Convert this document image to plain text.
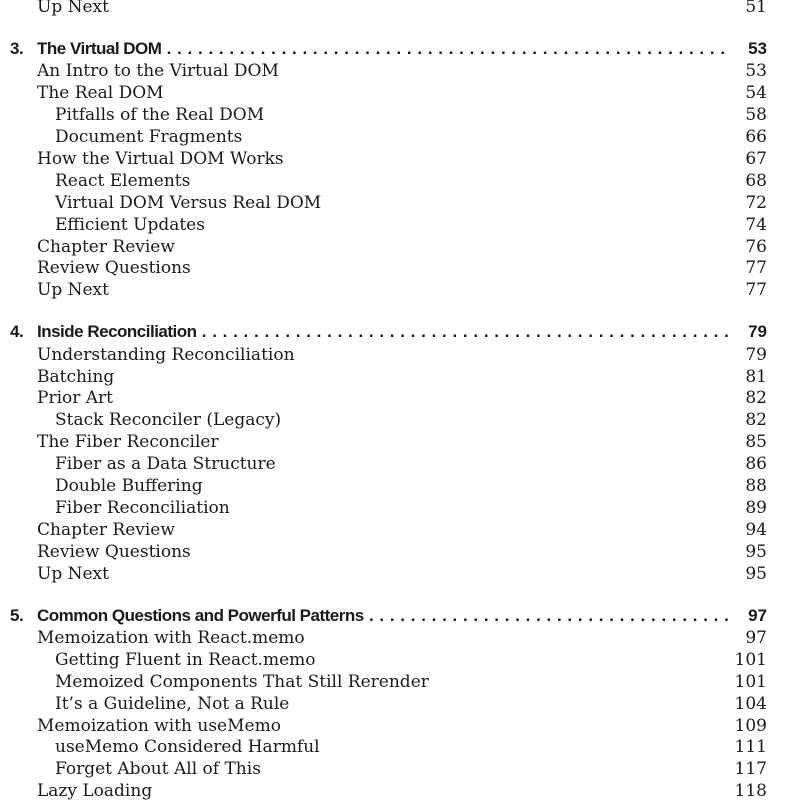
Up Next	51
3. The Virtual DOM . . .	53
An Intro to the Virtual DOM	53
The Real DOM	54
Pitfalls of the Real DOM	58
Document Fragments	66
How the Virtual DOM Works	67
React Elements	68
Virtual DOM Versus Real DOM	72
Efficient Updates	74
Chapter Review	76
Review Questions	77
Up Next	77
4. Inside Reconciliation . . .	79
Understanding Reconciliation	79
Batching	81
Prior Art	82
Stack Reconciler (Legacy)	82
The Fiber Reconciler	85
Fiber as a Data Structure	86
Double Buffering	88
Fiber Reconciliation	89
Chapter Review	94
Review Questions	95
Up Next	95
5. Common Questions and Powerful Patterns . . .	97
Memoization with React.memo	97
Getting Fluent in React.memo	101
Memoized Components That Still Rerender	101
It’s a Guideline, Not a Rule	104
Memoization with useMemo	109
useMemo Considered Harmful	111
Forget About All of This	117
Lazy Loading	118
